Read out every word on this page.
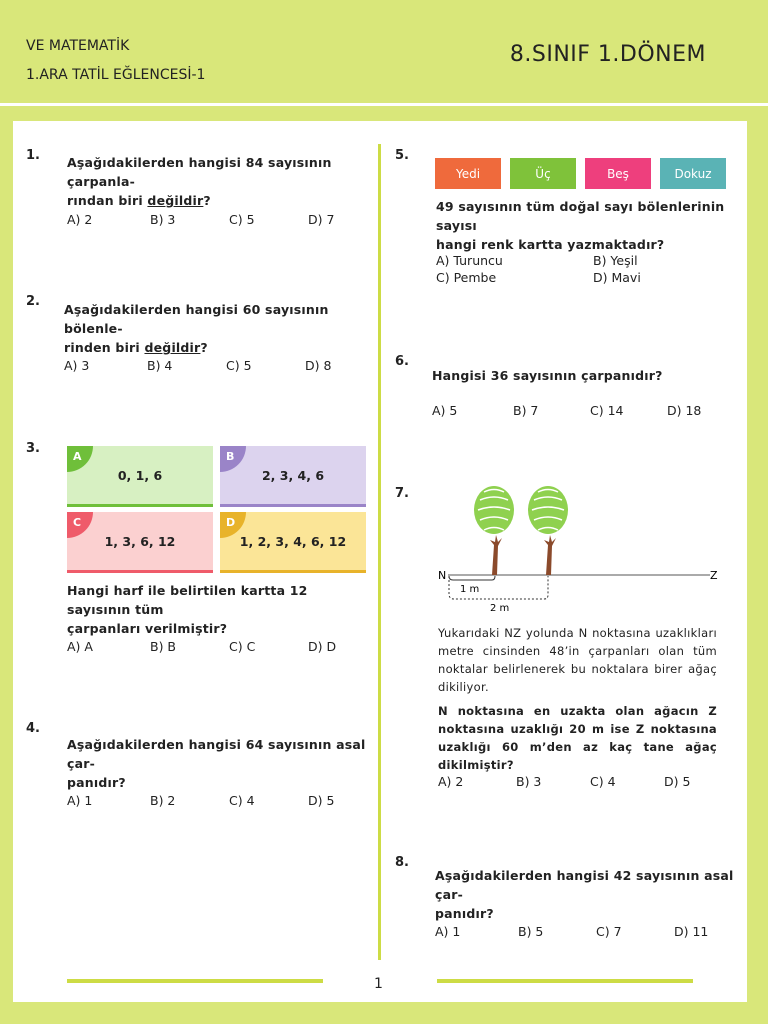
VE MATEMATİK
1.ARA TATİL EĞLENCESİ-1
8.SINIF 1.DÖNEM
1. Aşağıdakilerden hangisi 84 sayısının çarpanla-
rından biri değildir?
A) 2	B) 3	C) 5	D) 7
2.
Aşağıdakilerden hangisi 60 sayısının bölenle-
rinden biri değildir?
A) 3	B) 4	C) 5	D) 8
3.
A
0, 1, 6
B
2, 3, 4, 6
C
1, 3, 6, 12
D
1, 2, 3, 4, 6, 12
Hangi harf ile belirtilen kartta 12 sayısının tüm
çarpanları verilmiştir?
A) A	B) B	C) C	D) D
4.
Aşağıdakilerden hangisi 64 sayısının asal çar-
panıdır?
A) 1	B) 2	C) 4	D) 5
5.
Yedi	Üç	Beş	Dokuz
49 sayısının tüm doğal sayı bölenlerinin sayısı
hangi renk kartta yazmaktadır?
A) Turuncu	B) Yeşil
C) Pembe	D) Mavi
6.
Hangisi 36 sayısının çarpanıdır?
A) 5	B) 7	C) 14	D) 18
7.
N	Z
1 m
2 m
Yukarıdaki NZ yolunda N noktasına uzaklıkları metre cinsinden 48’in çarpanları olan tüm noktalar belirlenerek bu noktalara birer ağaç dikiliyor.
N noktasına en uzakta olan ağacın Z noktasına uzaklığı 20 m ise Z noktasına uzaklığı 60 m’den az kaç tane ağaç dikilmiştir?
A) 2	B) 3	C) 4	D) 5
8.
Aşağıdakilerden hangisi 42 sayısının asal çar-
panıdır?
A) 1	B) 5	C) 7	D) 11
1
